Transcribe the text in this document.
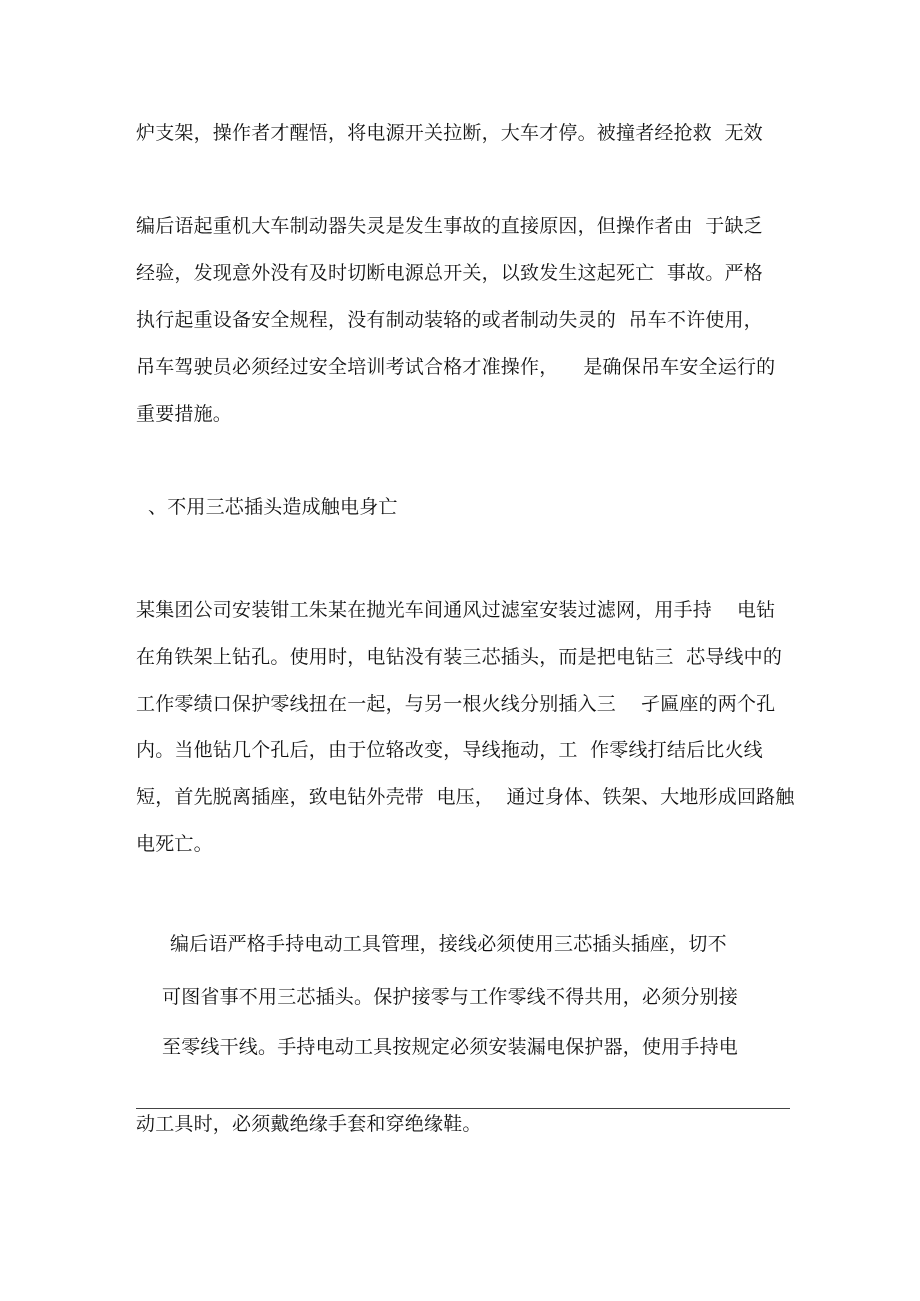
炉支架，操作者才醒悟，将电源开关拉断，大车才停。被撞者经抢救  无效
编后语起重机大车制动器失灵是发生事故的直接原因，但操作者由  于缺乏
经验，发现意外没有及时切断电源总开关，以致发生这起死亡  事故。严格
执行起重设备安全规程，没有制动装辂的或者制动失灵的  吊车不许使用，
吊车驾驶员必须经过安全培训考试合格才准操作，    是确保吊车安全运行的
重要措施。
、不用三芯插头造成触电身亡
某集团公司安装钳工朱某在抛光车间通风过滤室安装过滤网，用手持    电钻
在角铁架上钻孔。使用时，电钻没有装三芯插头，而是把电钻三  芯导线中的
工作零绩口保护零线扭在一起，与另一根火线分别插入三    孑匾座的两个孔
内。当他钻几个孔后，由于位辂改变，导线拖动，工  作零线打结后比火线
短，首先脱离插座，致电钻外壳带  电压，  通过身体、铁架、大地形成回路触
电死亡。
编后语严格手持电动工具管理，接线必须使用三芯插头插座，切不
可图省事不用三芯插头。保护接零与工作零线不得共用，必须分别接
至零线干线。手持电动工具按规定必须安装漏电保护器，使用手持电
动工具时，必须戴绝缘手套和穿绝缘鞋。
